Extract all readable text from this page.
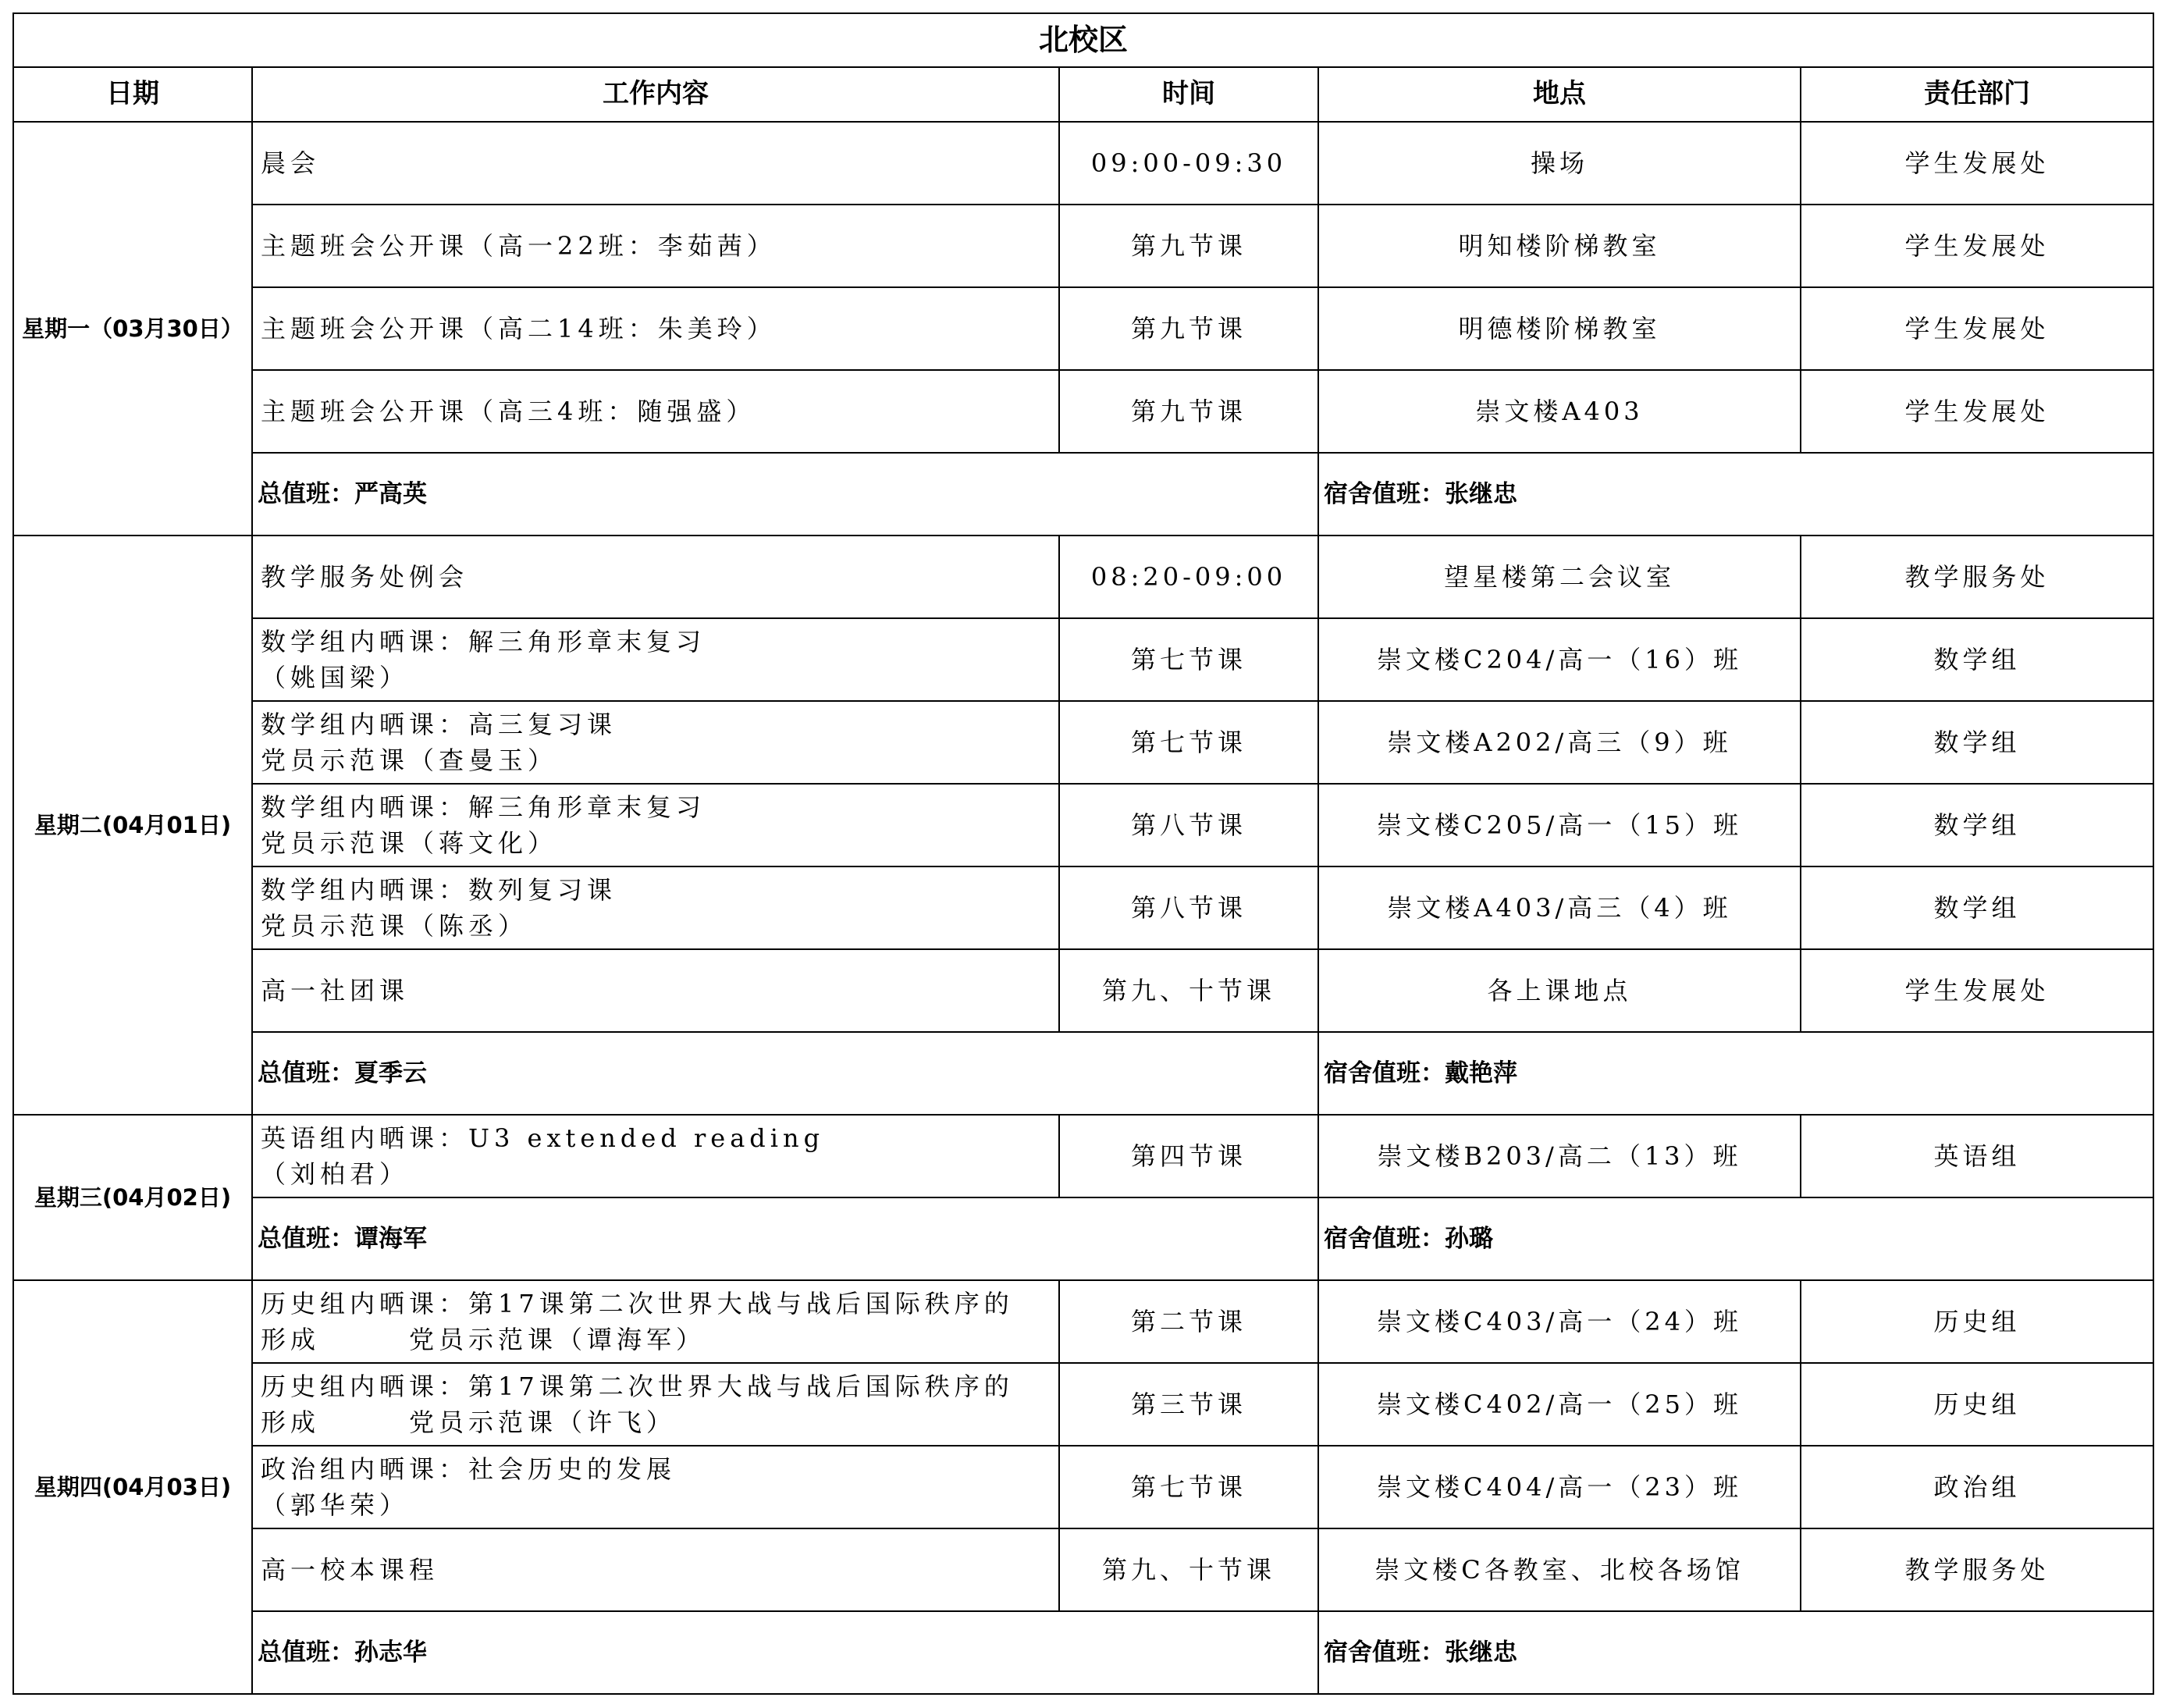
北校区				
日期	工作内容	时间	地点	责任部门
星期一（03月30日）	晨会	09:00-09:30	操场	学生发展处

	主题班会公开课（高一22班：李茹茜）	第九节课	明知楼阶梯教室	学生发展处

	主题班会公开课（高二14班：朱美玲）	第九节课	明德楼阶梯教室	学生发展处

	主题班会公开课（高三4班：随强盛）	第九节课	崇文楼A403	学生发展处
	总值班：严高英		宿舍值班：张继忠	
星期二(04月01日)	教学服务处例会	08:20-09:00	望星楼第二会议室	教学服务处

	数学组内晒课：解三角形章末复习
（姚国梁）	第七节课	崇文楼C204/高一（16）班	数学组

	数学组内晒课：高三复习课
党员示范课（查曼玉）	第七节课	崇文楼A202/高三（9）班	数学组

	数学组内晒课：解三角形章末复习
党员示范课（蒋文化）	第八节课	崇文楼C205/高一（15）班	数学组

	数学组内晒课：数列复习课
党员示范课（陈丞）	第八节课	崇文楼A403/高三（4）班	数学组

	高一社团课	第九、十节课	各上课地点	学生发展处
	总值班：夏季云		宿舍值班：戴艳萍	
星期三(04月02日)	英语组内晒课：U3 extended reading
（刘柏君）	第四节课	崇文楼B203/高二（13）班	英语组
	总值班：谭海军		宿舍值班：孙璐	
星期四(04月03日)	历史组内晒课：第17课第二次世界大战与战后国际秩序的
形成　　　党员示范课（谭海军）	第二节课	崇文楼C403/高一（24）班	历史组

	历史组内晒课：第17课第二次世界大战与战后国际秩序的
形成　　　党员示范课（许飞）	第三节课	崇文楼C402/高一（25）班	历史组

	政治组内晒课：社会历史的发展
（郭华荣）	第七节课	崇文楼C404/高一（23）班	政治组

	高一校本课程	第九、十节课	崇文楼C各教室、北校各场馆	教学服务处
	总值班：孙志华		宿舍值班：张继忠	
